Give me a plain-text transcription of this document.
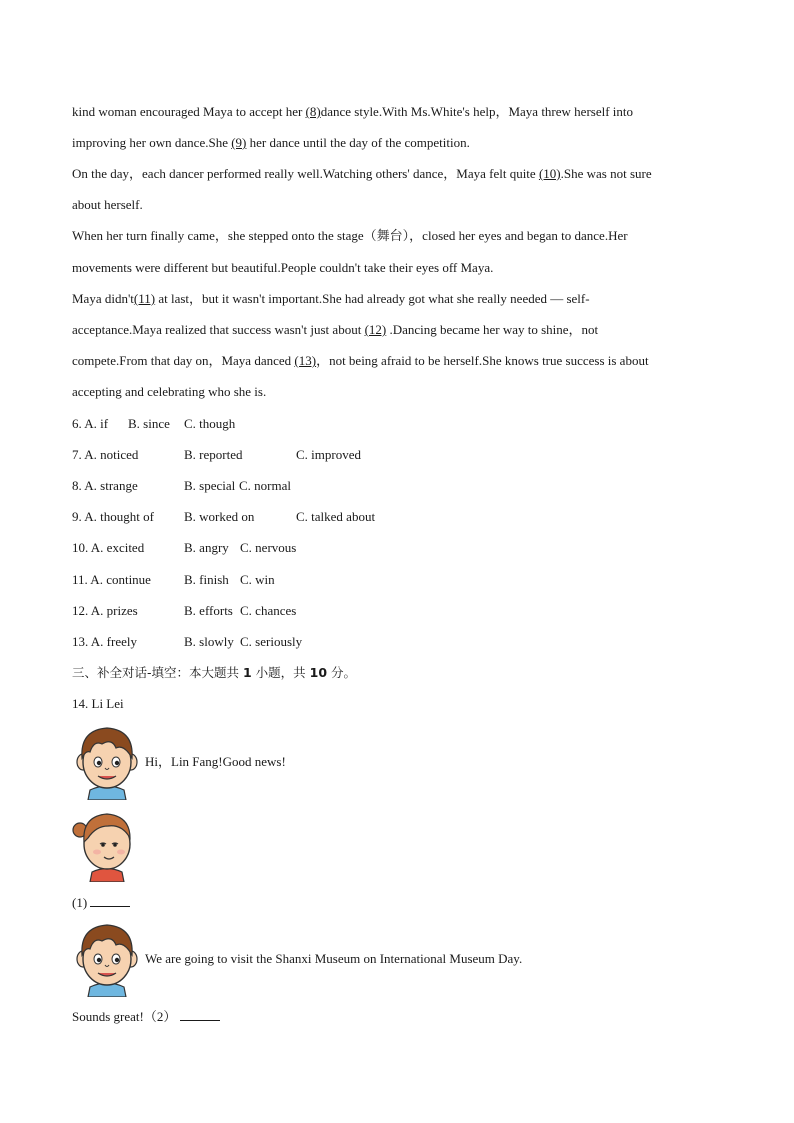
kind woman encouraged Maya to accept her (8)dance style.With Ms.White's help，Maya threw herself into
improving her own dance.She (9) her dance until the day of the competition.
On the day，each dancer performed really well.Watching others' dance，Maya felt quite (10).She was not sure
about herself.
When her turn finally came，she stepped onto the stage（舞台），closed her eyes and began to dance.Her
movements were different but beautiful.People couldn't take their eyes off Maya.
Maya didn't(11) at last，but it wasn't important.She had already got what she really needed — self-
acceptance.Maya realized that success wasn't just about (12) .Dancing became her way to shine，not
compete.From that day on，Maya danced (13)，not being afraid to be herself.She knows true success is about
accepting and celebrating who she is.
6. A. if B. since C. though
7. A. noticed	B. reported	C. improved
8. A. strange	B. special C. normal
9. A. thought of B. worked on	C. talked about
10. A. excited	B. angry C. nervous
11. A. continue	B. finish C. win
12. A. prizes	B. efforts C. chances
13. A. freely	B. slowly C. seriously
三、补全对话-填空：本大题共 1 小题，共 10 分。
14. Li Lei
Hi，Lin Fang!Good news!
(1)
We are going to visit the Shanxi Museum on International Museum Day.
Sounds great!（2）
